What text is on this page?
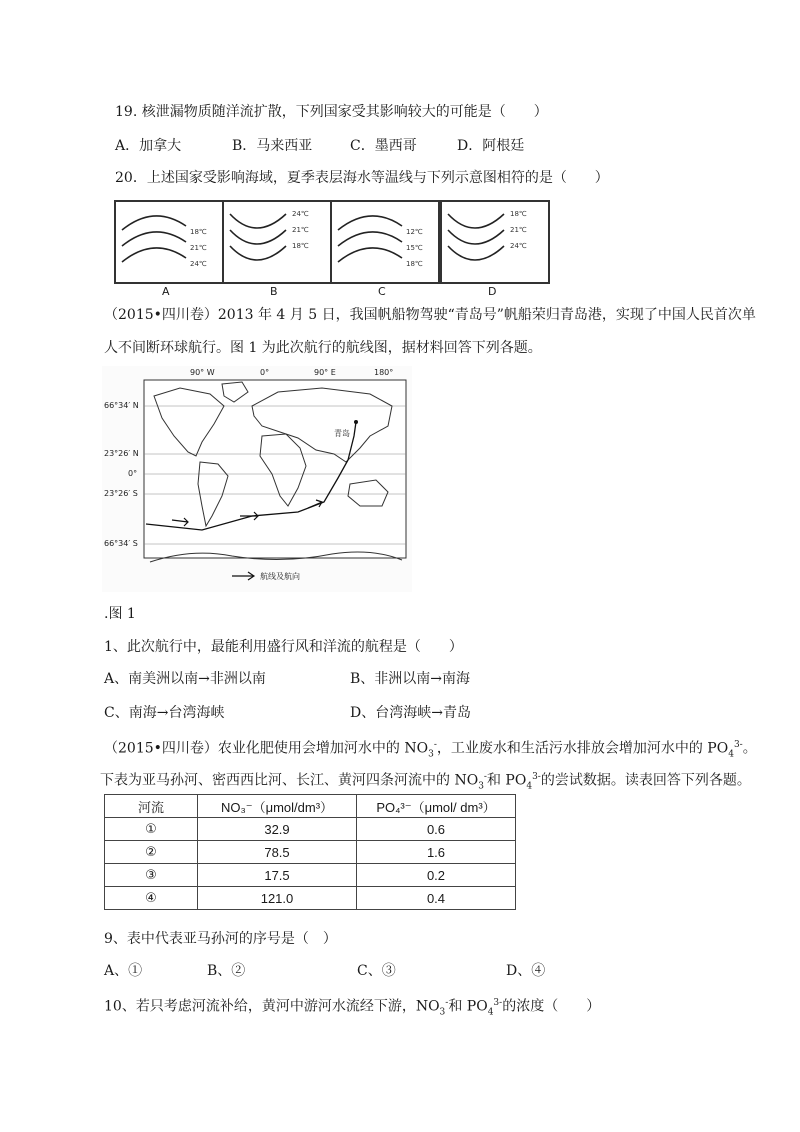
19. 核泄漏物质随洋流扩散，下列国家受其影响较大的可能是（　　）
A．加拿大	B．马来西亚	C．墨西哥	D．阿根廷
20．上述国家受影响海域，夏季表层海水等温线与下列示意图相符的是（　　）
18℃
21℃
24℃
A
24℃
21℃
18℃
B
12℃
15℃
18℃
C
18℃
21℃
24℃
D
（2015•四川卷）2013 年 4 月 5 日，我国帆船物驾驶“青岛号”帆船荣归青岛港，实现了中国人民首次单
人不间断环球航行。图 1 为此次航行的航线图，据材料回答下列各题。
90° W	0°	90° E	180°
66°34′ N
23°26′ N
0°
23°26′ S
66°34′ S
青岛
航线及航向
.图 1
1、此次航行中，最能利用盛行风和洋流的航程是（　　）
A、南美洲以南→非洲以南	B、非洲以南→南海
C、南海→台湾海峡	D、台湾海峡→青岛
（2015•四川卷）农业化肥使用会增加河水中的 $NO_3^-$，工业废水和生活污水排放会增加河水中的 $PO_4^{3-}$。
下表为亚马孙河、密西西比河、长江、黄河四条河流中的 $NO_3^-$和 $PO_4^{3-}$的尝试数据。读表回答下列各题。
河流	NO₃⁻（μmol/dm³）	PO₄³⁻（μmol/ dm³）
①	32.9	0.6
②	78.5	1.6
③	17.5	0.2
④	121.0	0.4
9、表中代表亚马孙河的序号是（　）
A、①	B、②	C、③	D、④
10、若只考虑河流补给，黄河中游河水流经下游，$NO_3^-$和 $PO_4^{3-}$的浓度（　　）
